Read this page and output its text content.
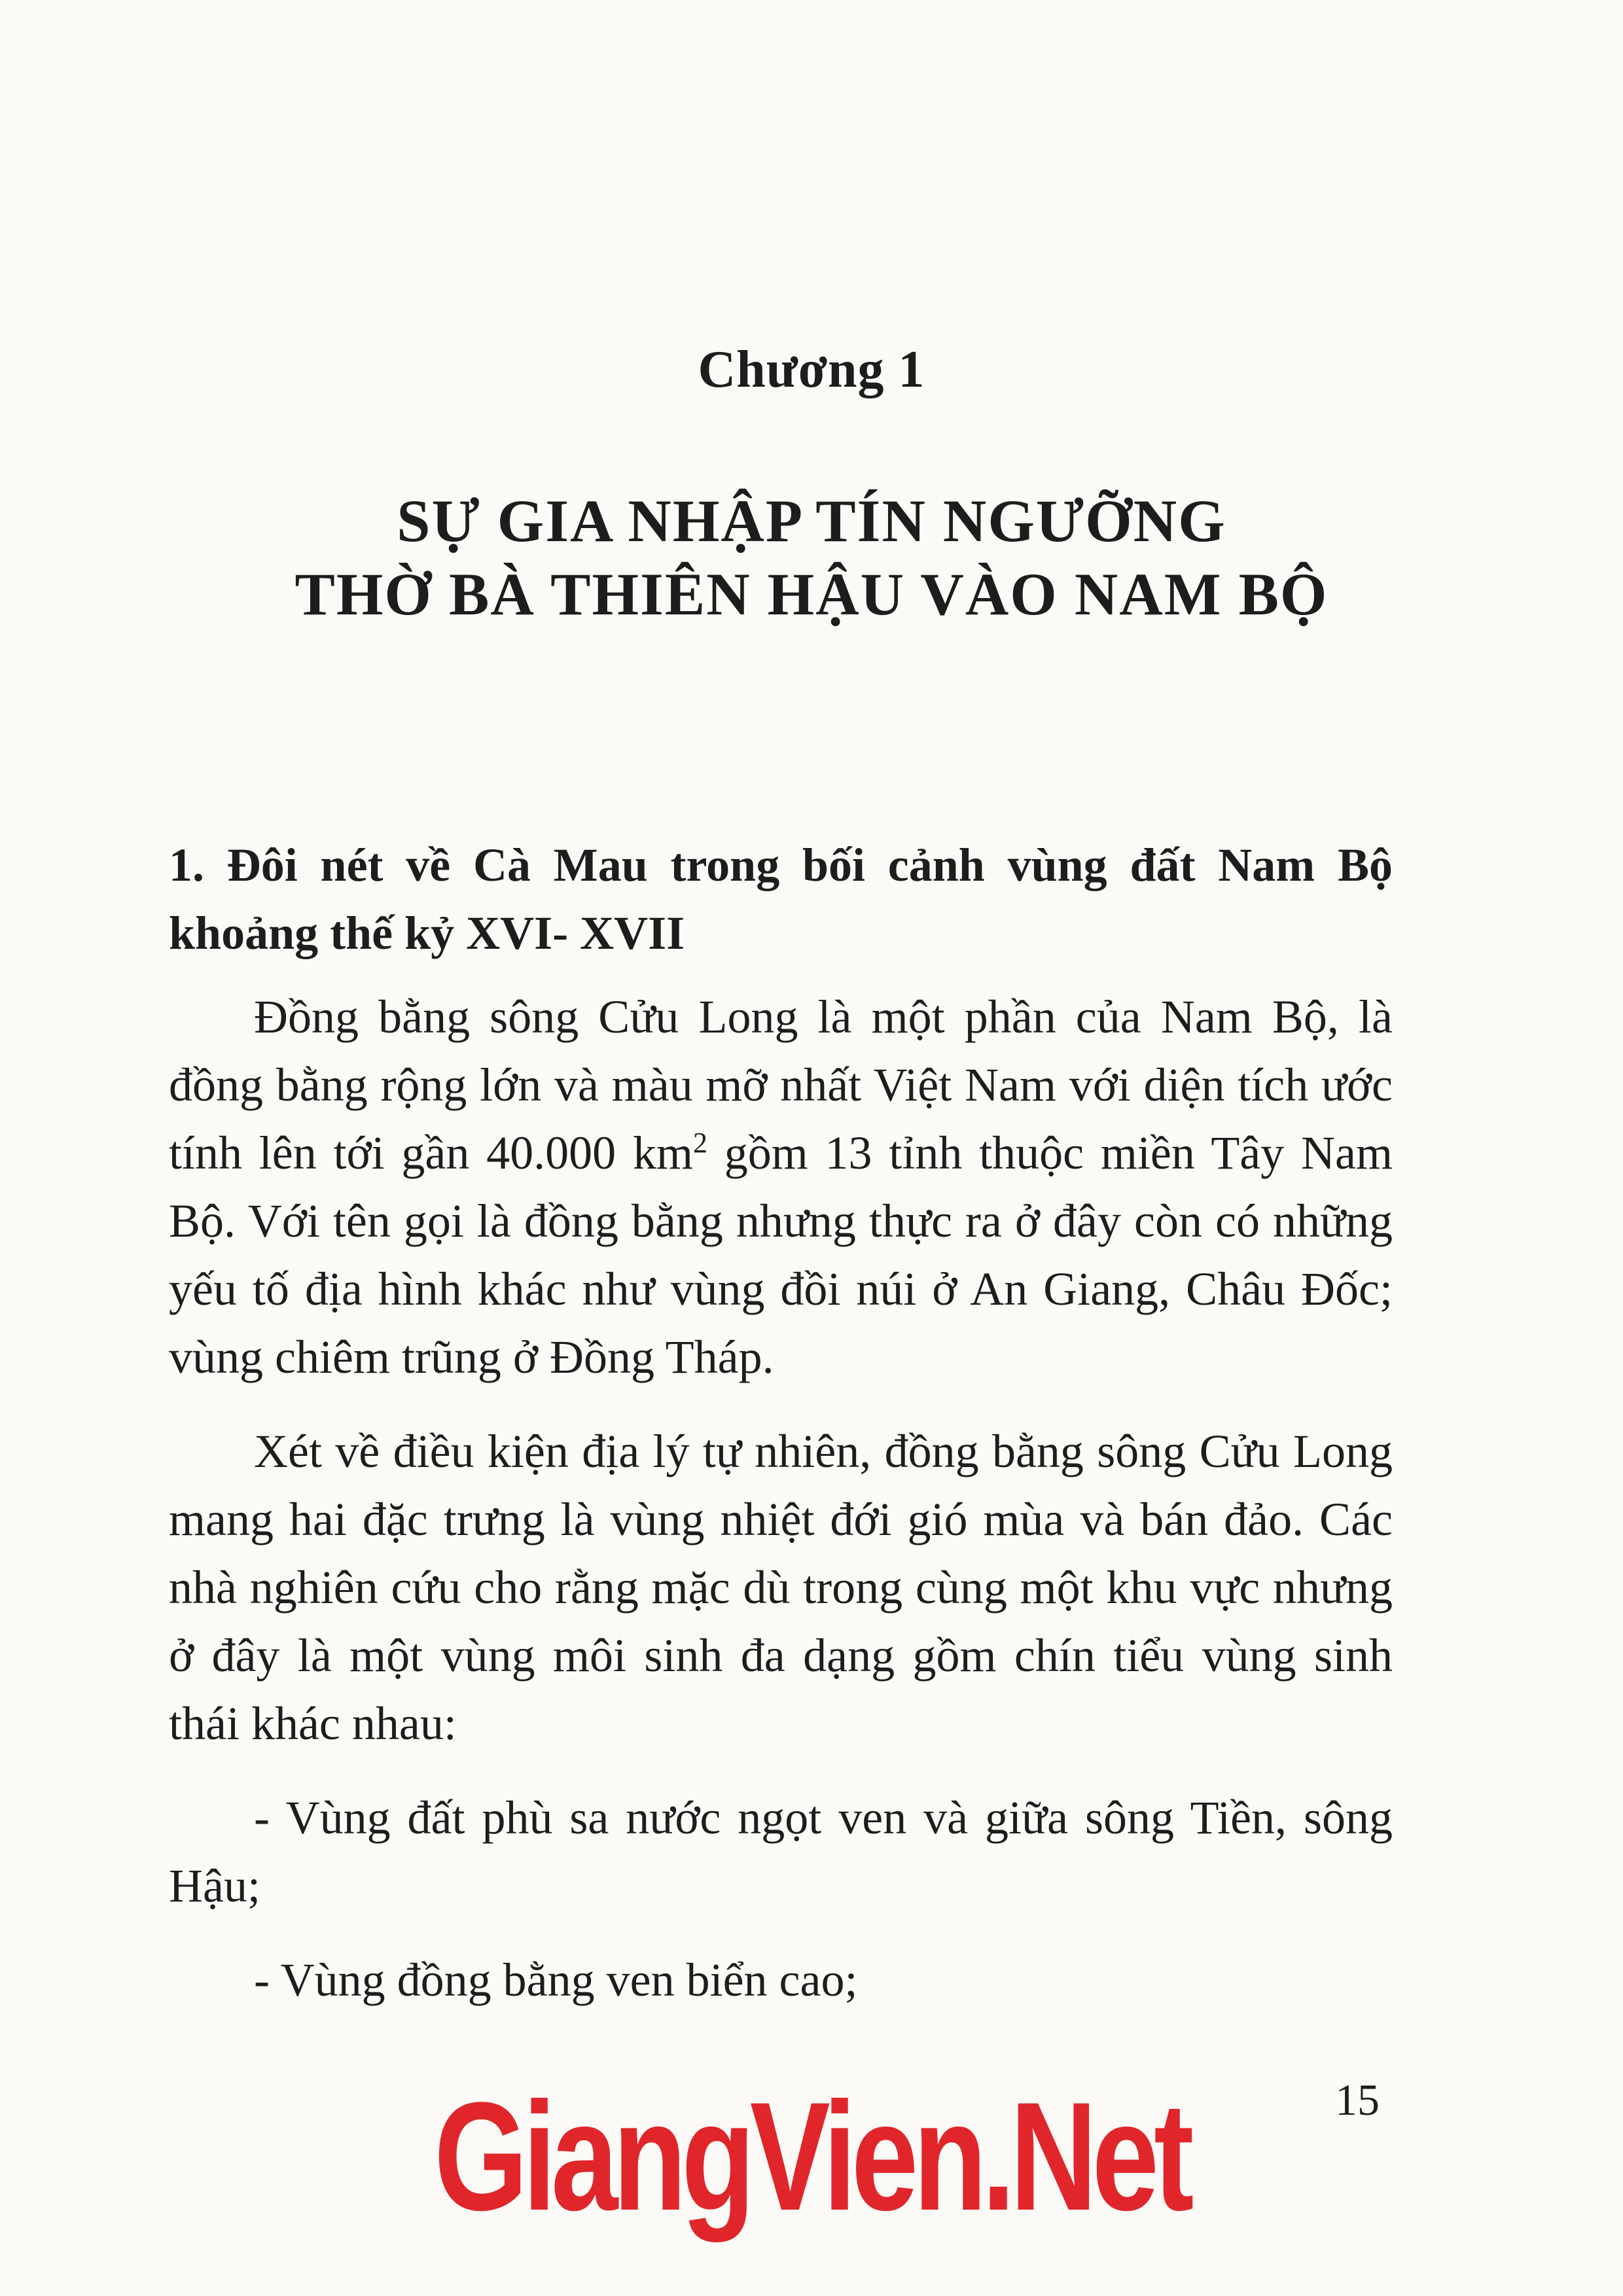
Chương 1
SỰ GIA NHẬP TÍN NGƯỠNG
THỜ BÀ THIÊN HẬU VÀO NAM BỘ

1. Đôi nét về Cà Mau trong bối cảnh vùng đất Nam Bộ khoảng thế kỷ XVI- XVII

Đồng bằng sông Cửu Long là một phần của Nam Bộ, là đồng bằng rộng lớn và màu mỡ nhất Việt Nam với diện tích ước tính lên tới gần 40.000 $km^2$ gồm 13 tỉnh thuộc miền Tây Nam Bộ. Với tên gọi là đồng bằng nhưng thực ra ở đây còn có những yếu tố địa hình khác như vùng đồi núi ở An Giang, Châu Đốc; vùng chiêm trũng ở Đồng Tháp.

Xét về điều kiện địa lý tự nhiên, đồng bằng sông Cửu Long mang hai đặc trưng là vùng nhiệt đới gió mùa và bán đảo. Các nhà nghiên cứu cho rằng mặc dù trong cùng một khu vực nhưng ở đây là một vùng môi sinh đa dạng gồm chín tiểu vùng sinh thái khác nhau:

- Vùng đất phù sa nước ngọt ven và giữa sông Tiền, sông Hậu;

- Vùng đồng bằng ven biển cao;

15
GiangVien.Net
